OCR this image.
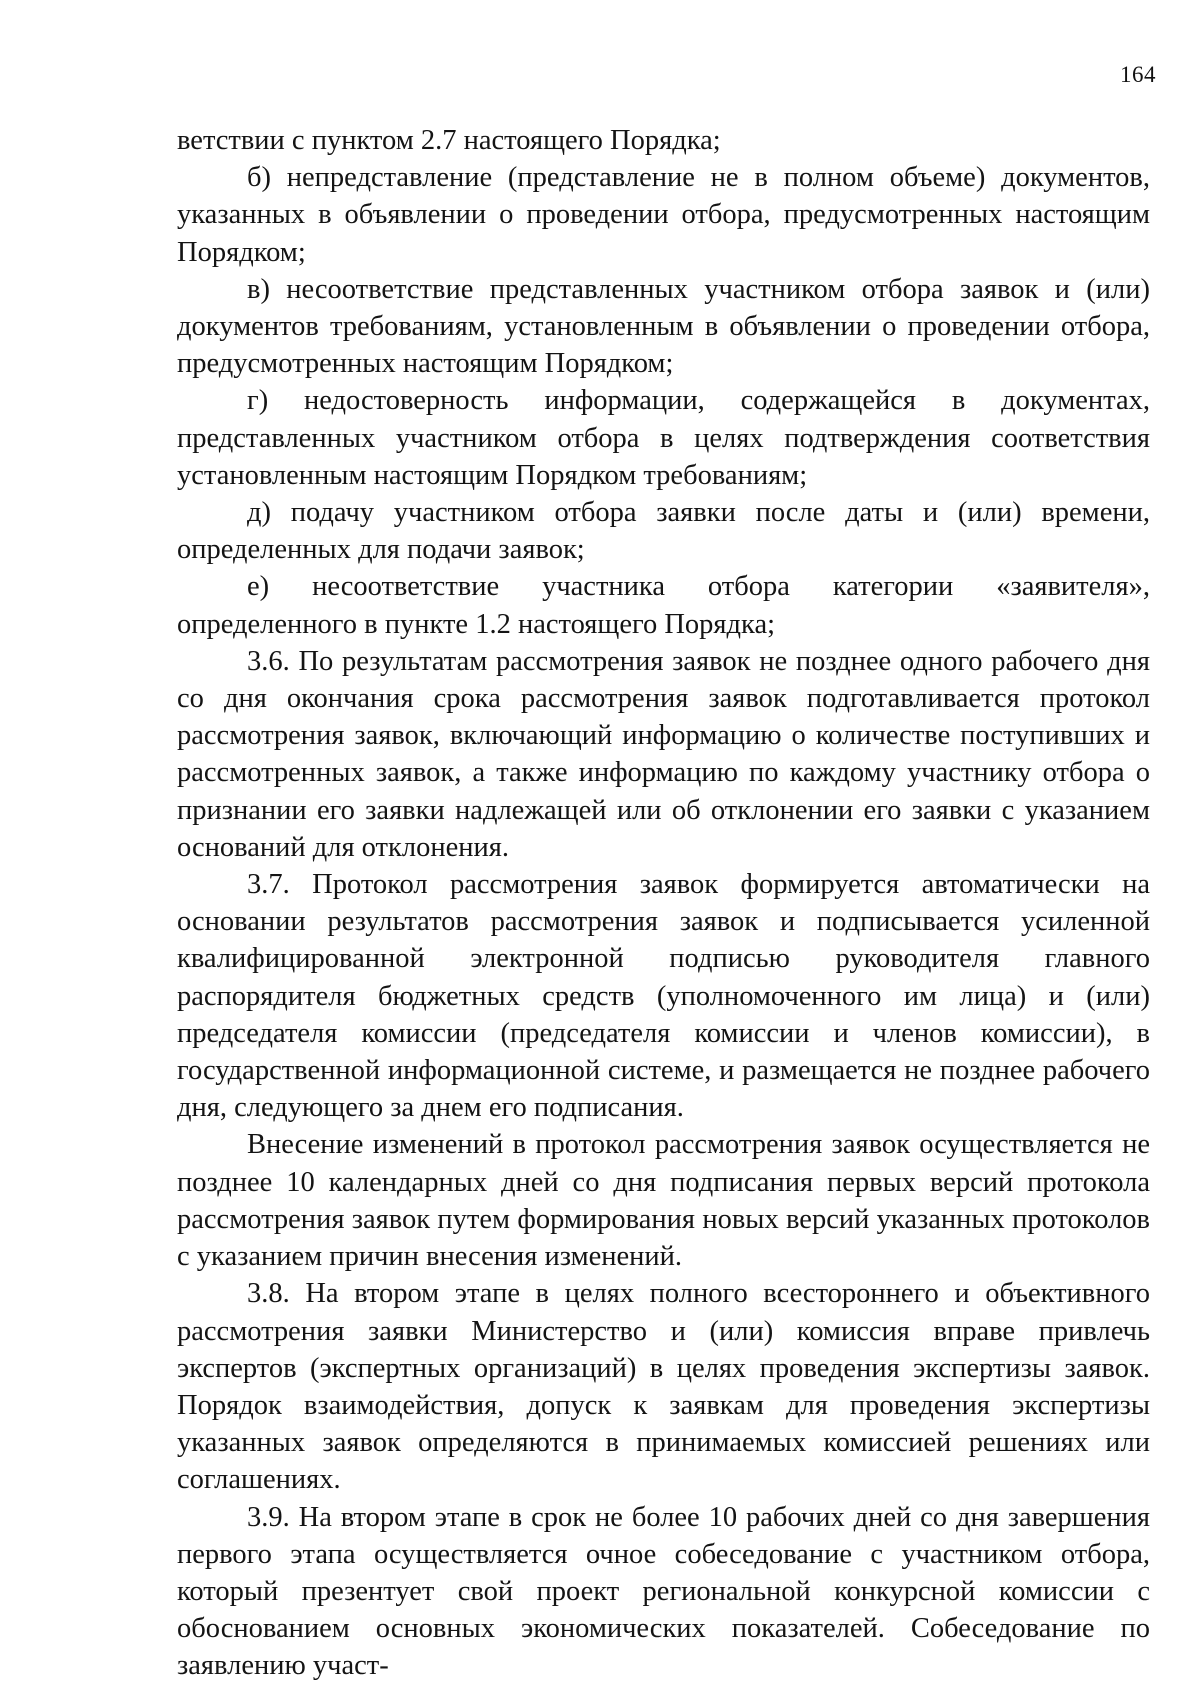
164

ветствии с пунктом 2.7 настоящего Порядка;

б) непредставление (представление не в полном объеме) документов, указанных в объявлении о проведении отбора, предусмотренных настоящим Порядком;

в) несоответствие представленных участником отбора заявок и (или) документов требованиям, установленным в объявлении о проведении отбора, предусмотренных настоящим Порядком;

г) недостоверность информации, содержащейся в документах, представленных участником отбора в целях подтверждения соответствия установленным настоящим Порядком требованиям;

д) подачу участником отбора заявки после даты и (или) времени, определенных для подачи заявок;

е) несоответствие участника отбора категории «заявителя», определенного в пункте 1.2 настоящего Порядка;

3.6. По результатам рассмотрения заявок не позднее одного рабочего дня со дня окончания срока рассмотрения заявок подготавливается протокол рассмотрения заявок, включающий информацию о количестве поступивших и рассмотренных заявок, а также информацию по каждому участнику отбора о признании его заявки надлежащей или об отклонении его заявки с указанием оснований для отклонения.

3.7. Протокол рассмотрения заявок формируется автоматически на основании результатов рассмотрения заявок и подписывается усиленной квалифицированной электронной подписью руководителя главного распорядителя бюджетных средств (уполномоченного им лица) и (или) председателя комиссии (председателя комиссии и членов комиссии), в государственной информационной системе, и размещается не позднее рабочего дня, следующего за днем его подписания.

Внесение изменений в протокол рассмотрения заявок осуществляется не позднее 10 календарных дней со дня подписания первых версий протокола рассмотрения заявок путем формирования новых версий указанных протоколов с указанием причин внесения изменений.

3.8. На втором этапе в целях полного всестороннего и объективного рассмотрения заявки Министерство и (или) комиссия вправе привлечь экспертов (экспертных организаций) в целях проведения экспертизы заявок. Порядок взаимодействия, допуск к заявкам для проведения экспертизы указанных заявок определяются в принимаемых комиссией решениях или соглашениях.

3.9. На втором этапе в срок не более 10 рабочих дней со дня завершения первого этапа осуществляется очное собеседование с участником отбора, который презентует свой проект региональной конкурсной комиссии с обоснованием основных экономических показателей. Собеседование по заявлению участ-
